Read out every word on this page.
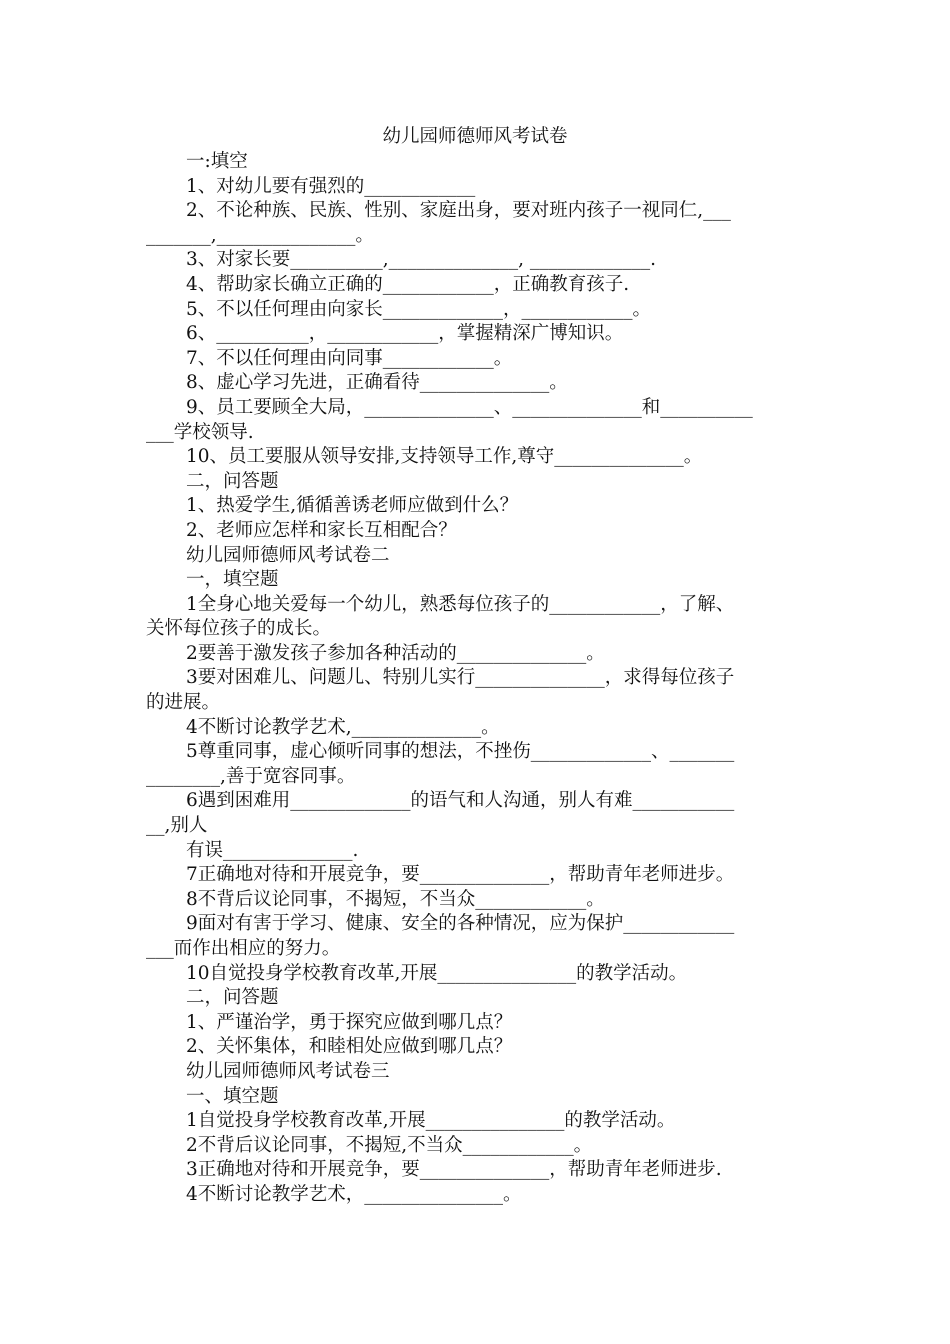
幼儿园师德师风考试卷
一:填空
1、对幼儿要有强烈的____________
2、不论种族、民族、性别、家庭出身，要对班内孩子一视同仁,___
_______,_______________。
3、对家长要__________,______________, _____________.
4、帮助家长确立正确的____________，正确教育孩子.
5、不以任何理由向家长_____________，____________。
6、__________，____________，掌握精深广博知识。
7、不以任何理由向同事____________。
8、虚心学习先进，正确看待______________。
9、员工要顾全大局，______________、______________和__________
___学校领导.
10、员工要服从领导安排,支持领导工作,尊守______________。
二，问答题
1、热爱学生,循循善诱老师应做到什么？
2、老师应怎样和家长互相配合？
幼儿园师德师风考试卷二
一，填空题
1全身心地关爱每一个幼儿，熟悉每位孩子的____________，了解、
关怀每位孩子的成长。
2要善于激发孩子参加各种活动的______________。
3要对困难儿、问题儿、特别儿实行______________，求得每位孩子
的进展。
4不断讨论教学艺术,______________。
5尊重同事，虚心倾听同事的想法，不挫伤_____________、_______
________,善于宽容同事。
6遇到困难用_____________的语气和人沟通，别人有难___________
__,别人
有误______________.
7正确地对待和开展竞争，要______________，帮助青年老师进步。
8不背后议论同事，不揭短，不当众____________。
9面对有害于学习、健康、安全的各种情况，应为保护____________
___而作出相应的努力。
10自觉投身学校教育改革,开展_______________的教学活动。
二，问答题
1、严谨治学，勇于探究应做到哪几点？
2、关怀集体，和睦相处应做到哪几点？
幼儿园师德师风考试卷三
一、填空题
1自觉投身学校教育改革,开展_______________的教学活动。
2不背后议论同事，不揭短,不当众____________。
3正确地对待和开展竞争，要______________，帮助青年老师进步.
4不断讨论教学艺术，_______________。
